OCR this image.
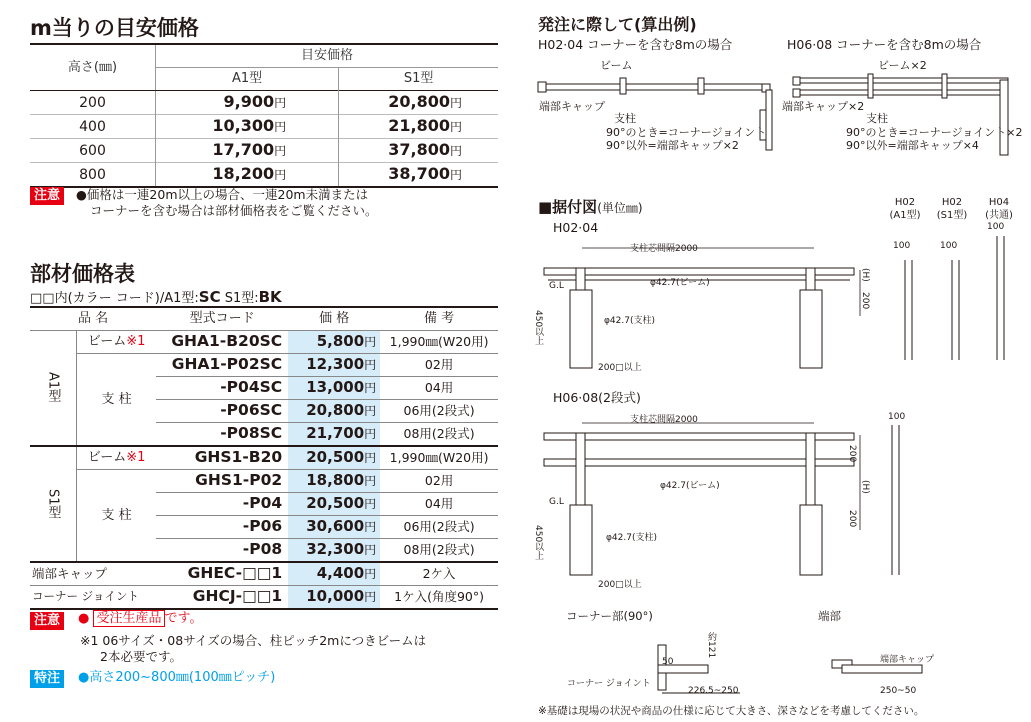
m当りの目安価格
高さ(㎜)	目安価格	
	A1型	S1型
200	9,900円	20,800円
400	10,300円	21,800円
600	17,700円	37,800円
800	18,200円	38,700円
注意	●価格は一連20m以上の場合、一連20m未満または
コーナーを含む場合は部材価格表をご覧ください。
部材価格表
□□内(カラー コード)/A1型:SC S1型:BK
品 名		型式コード	価 格	備 考
A1型	ビーム※1	GHA1-B20SC	5,800円	1,990㎜(W20用)
	支 柱	GHA1-P02SC	12,300円	02用
		-P04SC	13,000円	04用
		-P06SC	20,800円	06用(2段式)
		-P08SC	21,700円	08用(2段式)
S1型	ビーム※1	GHS1-B20	20,500円	1,990㎜(W20用)
	支 柱	GHS1-P02	18,800円	02用
		-P04	20,500円	04用
		-P06	30,600円	06用(2段式)
		-P08	32,300円	08用(2段式)
端部キャップ		GHEC-□□1	4,400円	2ケ入
コーナー ジョイント		GHCJ-□□1	10,000円	1ケ入(角度90°)
注意	● 受注生産品 です。
※1 06サイズ・08サイズの場合、柱ピッチ2mにつきビームは
2本必要です。
特注	●高さ200~800㎜(100㎜ピッチ)
発注に際して(算出例)
H02·04 コーナーを含む8mの場合	H06·08 コーナーを含む8mの場合
ビーム
端部キャップ
支柱
90°のとき=コーナージョイント
90°以外=端部キャップ×2
ビーム×2
端部キャップ×2
支柱
90°のとき=コーナージョイント×2
90°以外=端部キャップ×4
■据付図(単位㎜)
H02·04
H02
(A1型)
H02
(S1型)
H04
(共通)
支柱芯間隔2000
φ42.7(ビーム)
φ42.7(支柱)
G.L
450以上
200□以上
(H)
200
100	100
100
H06·08(2段式)
支柱芯間隔2000
φ42.7(ビーム)
φ42.7(支柱)
G.L
450以上
200□以上
200
(H)
200
100
コーナー部(90°)	端部
コーナー ジョイント
226.5~250
約121
50	端部キャップ
250~50
※基礎は現場の状況や商品の仕様に応じて大きさ、深さなどを考慮してください。
